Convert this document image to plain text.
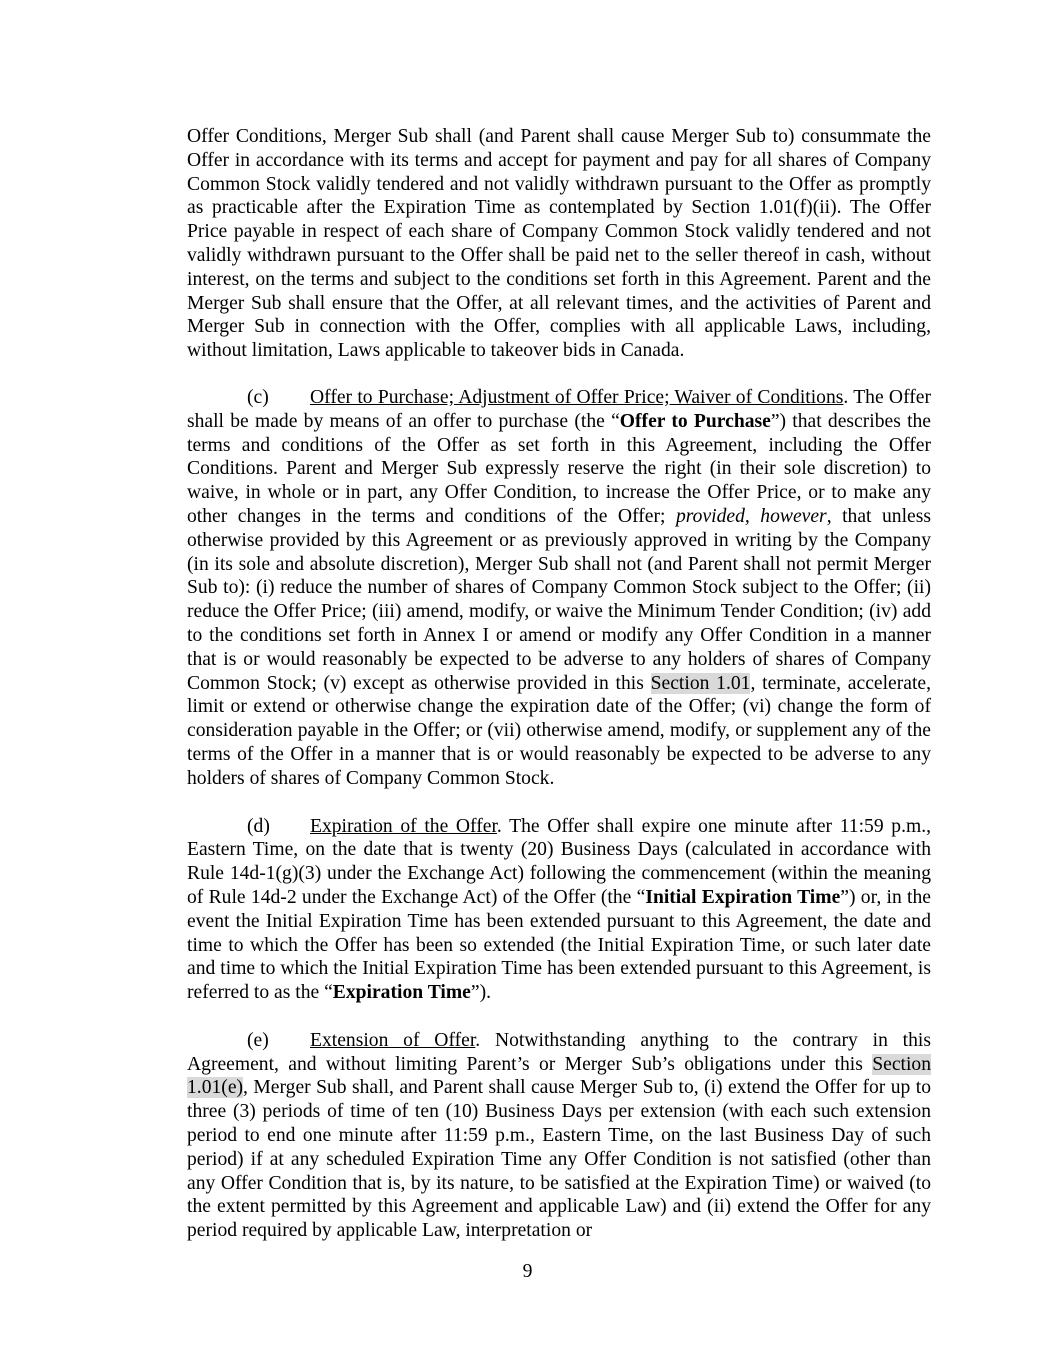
Offer Conditions, Merger Sub shall (and Parent shall cause Merger Sub to) consummate the Offer in accordance with its terms and accept for payment and pay for all shares of Company Common Stock validly tendered and not validly withdrawn pursuant to the Offer as promptly as practicable after the Expiration Time as contemplated by Section 1.01(f)(ii). The Offer Price payable in respect of each share of Company Common Stock validly tendered and not validly withdrawn pursuant to the Offer shall be paid net to the seller thereof in cash, without interest, on the terms and subject to the conditions set forth in this Agreement. Parent and the Merger Sub shall ensure that the Offer, at all relevant times, and the activities of Parent and Merger Sub in connection with the Offer, complies with all applicable Laws, including, without limitation, Laws applicable to takeover bids in Canada.

(c) Offer to Purchase; Adjustment of Offer Price; Waiver of Conditions. The Offer shall be made by means of an offer to purchase (the “Offer to Purchase”) that describes the terms and conditions of the Offer as set forth in this Agreement, including the Offer Conditions. Parent and Merger Sub expressly reserve the right (in their sole discretion) to waive, in whole or in part, any Offer Condition, to increase the Offer Price, or to make any other changes in the terms and conditions of the Offer; provided, however, that unless otherwise provided by this Agreement or as previously approved in writing by the Company (in its sole and absolute discretion), Merger Sub shall not (and Parent shall not permit Merger Sub to): (i) reduce the number of shares of Company Common Stock subject to the Offer; (ii) reduce the Offer Price; (iii) amend, modify, or waive the Minimum Tender Condition; (iv) add to the conditions set forth in Annex I or amend or modify any Offer Condition in a manner that is or would reasonably be expected to be adverse to any holders of shares of Company Common Stock; (v) except as otherwise provided in this Section 1.01, terminate, accelerate, limit or extend or otherwise change the expiration date of the Offer; (vi) change the form of consideration payable in the Offer; or (vii) otherwise amend, modify, or supplement any of the terms of the Offer in a manner that is or would reasonably be expected to be adverse to any holders of shares of Company Common Stock.

(d) Expiration of the Offer. The Offer shall expire one minute after 11:59 p.m., Eastern Time, on the date that is twenty (20) Business Days (calculated in accordance with Rule 14d-1(g)(3) under the Exchange Act) following the commencement (within the meaning of Rule 14d-2 under the Exchange Act) of the Offer (the “Initial Expiration Time”) or, in the event the Initial Expiration Time has been extended pursuant to this Agreement, the date and time to which the Offer has been so extended (the Initial Expiration Time, or such later date and time to which the Initial Expiration Time has been extended pursuant to this Agreement, is referred to as the “Expiration Time”).

(e) Extension of Offer. Notwithstanding anything to the contrary in this Agreement, and without limiting Parent’s or Merger Sub’s obligations under this Section 1.01(e), Merger Sub shall, and Parent shall cause Merger Sub to, (i) extend the Offer for up to three (3) periods of time of ten (10) Business Days per extension (with each such extension period to end one minute after 11:59 p.m., Eastern Time, on the last Business Day of such period) if at any scheduled Expiration Time any Offer Condition is not satisfied (other than any Offer Condition that is, by its nature, to be satisfied at the Expiration Time) or waived (to the extent permitted by this Agreement and applicable Law) and (ii) extend the Offer for any period required by applicable Law, interpretation or

9
